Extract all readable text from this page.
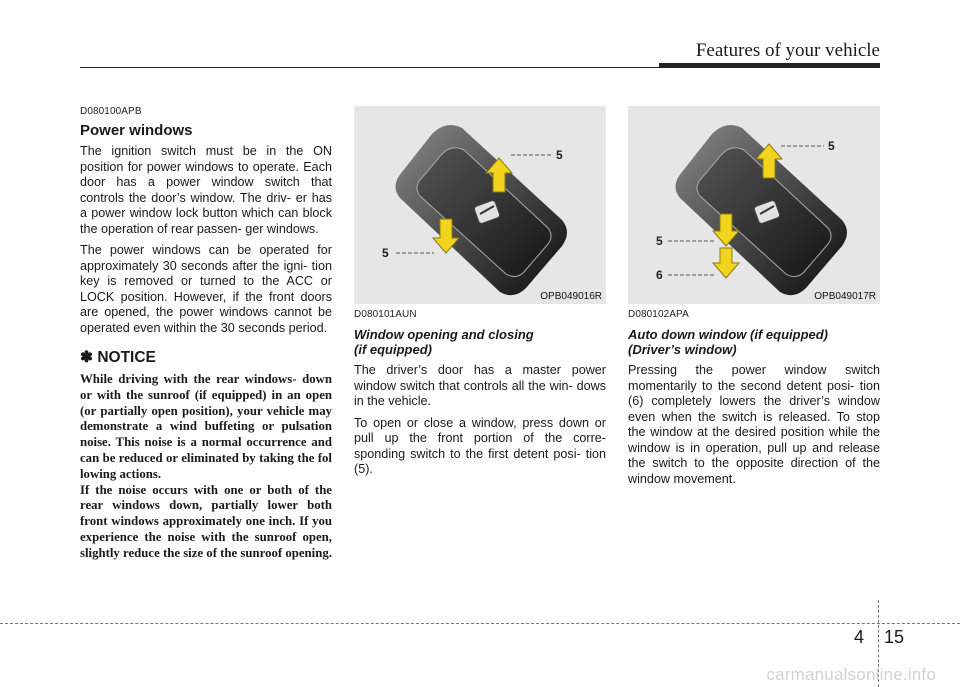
Features of your vehicle
D080100APB
Power windows

The ignition switch must be in the ON position for power windows to operate. Each door has a power window switch that controls the door’s window. The driv- er has a power window lock button which can block the operation of rear passen- ger windows.

The power windows can be operated for approximately 30 seconds after the igni- tion key is removed or turned to the ACC or LOCK position. However, if the front doors are opened, the power windows cannot be operated even within the 30 seconds period.

✽ NOTICE

While driving with the rear windows- down or with the sunroof (if equipped) in an open (or partially open position), your vehicle may demonstrate a wind buffeting or pulsation noise. This noise is a normal occurrence and can be reduced or eliminated by taking the fol lowing actions.

If the noise occurs with one or both of the rear windows down, partially lower both front windows approximately one inch. If you experience the noise with the sunroof open, slightly reduce the size of the sunroof opening.

5
5
OPB049016R
D080101AUN
Window opening and closing
(if equipped)

The driver’s door has a master power window switch that controls all the win- dows in the vehicle.

To open or close a window, press down or pull up the front portion of the corre- sponding switch to the first detent posi- tion (5).

5
5
6
OPB049017R
D080102APA
Auto down window (if equipped)
(Driver’s window)

Pressing the power window switch momentarily to the second detent posi- tion (6) completely lowers the driver’s window even when the switch is released. To stop the window at the desired position while the window is in operation, pull up and release the switch to the opposite direction of the window movement.

4 15
carmanualsonline.info
